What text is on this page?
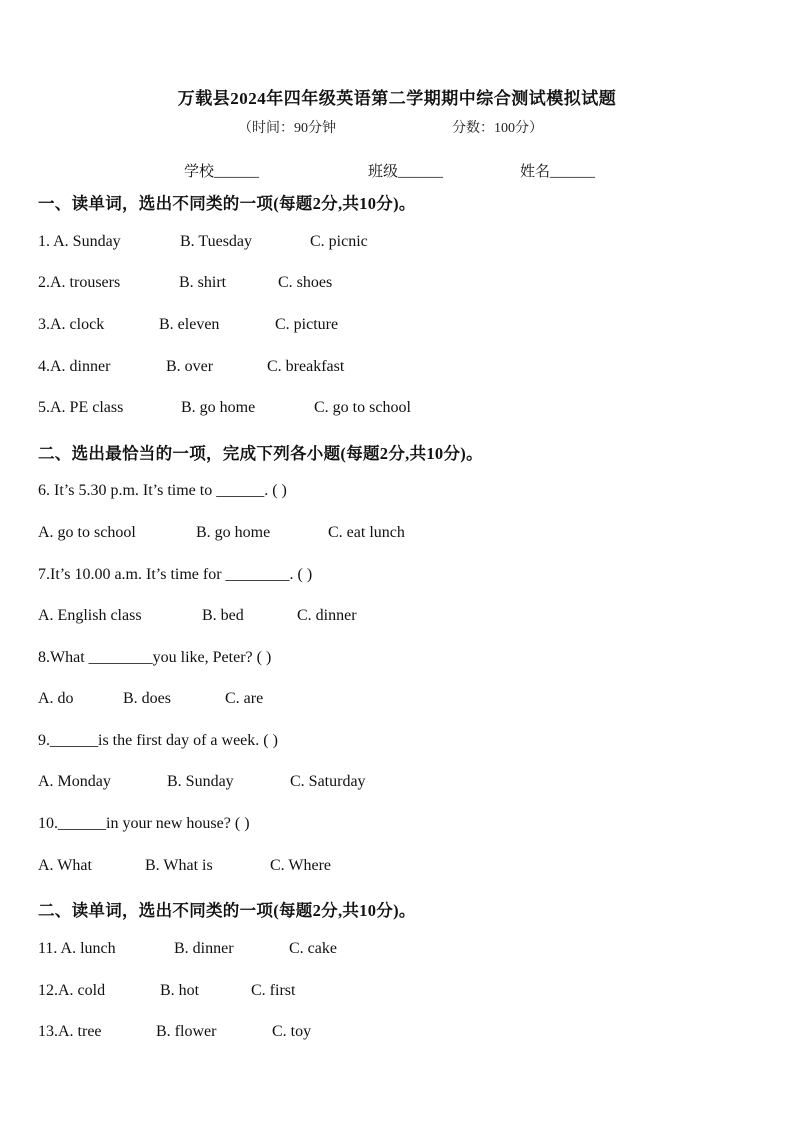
万载县2024年四年级英语第二学期期中综合测试模拟试题
（时间：90分钟	分数：100分）
学校______	班级______	姓名______
一、读单词，选出不同类的一项(每题2分,共10分)。
1. A. Sunday	B. Tuesday	C. picnic
2.A. trousers	B. shirt	C. shoes
3.A. clock	B. eleven	C. picture
4.A. dinner	B. over	C. breakfast
5.A. PE class	B. go home	C. go to school
二、选出最恰当的一项，完成下列各小题(每题2分,共10分)。
6. It’s 5.30 p.m. It’s time to ______. ( )
A. go to school	B. go home	C. eat lunch
7.It’s 10.00 a.m. It’s time for ________. ( )
A. English class	B. bed	C. dinner
8.What ________you like, Peter? ( )
A. do	B. does	C. are
9.______is the first day of a week. ( )
A. Monday	B. Sunday	C. Saturday
10.______in your new house? ( )
A. What	B. What is	C. Where
二、读单词，选出不同类的一项(每题2分,共10分)。
11. A. lunch	B. dinner	C. cake
12.A. cold	B. hot	C. first
13.A. tree	B. flower	C. toy
